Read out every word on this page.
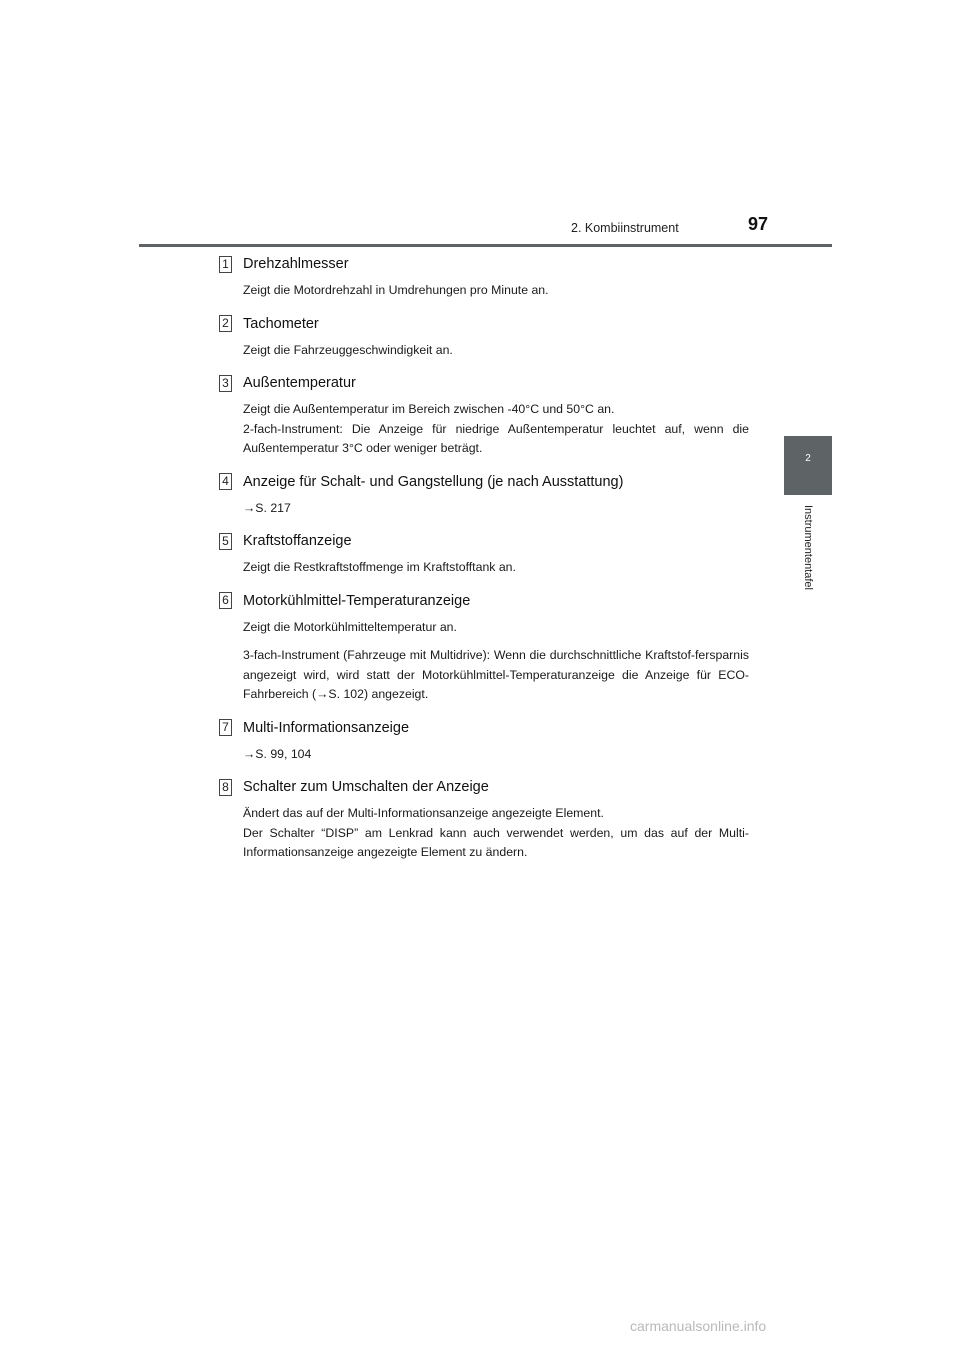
2. Kombiinstrument	97
2
Instrumententafel
1 Drehzahlmesser
Zeigt die Motordrehzahl in Umdrehungen pro Minute an.
2 Tachometer
Zeigt die Fahrzeuggeschwindigkeit an.
3 Außentemperatur
Zeigt die Außentemperatur im Bereich zwischen -40°C und 50°C an.
2-fach-Instrument: Die Anzeige für niedrige Außentemperatur leuchtet auf, wenn die Außentemperatur 3°C oder weniger beträgt.
4 Anzeige für Schalt- und Gangstellung (je nach Ausstattung)
→S. 217
5 Kraftstoffanzeige
Zeigt die Restkraftstoffmenge im Kraftstofftank an.
6 Motorkühlmittel-Temperaturanzeige
Zeigt die Motorkühlmitteltemperatur an.
3-fach-Instrument (Fahrzeuge mit Multidrive): Wenn die durchschnittliche Kraftstof-fersparnis angezeigt wird, wird statt der Motorkühlmittel-Temperaturanzeige die Anzeige für ECO-Fahrbereich (→S. 102) angezeigt.
7 Multi-Informationsanzeige
→S. 99, 104
8 Schalter zum Umschalten der Anzeige
Ändert das auf der Multi-Informationsanzeige angezeigte Element.
Der Schalter “DISP” am Lenkrad kann auch verwendet werden, um das auf der Multi-Informationsanzeige angezeigte Element zu ändern.
carmanualsonline.info
